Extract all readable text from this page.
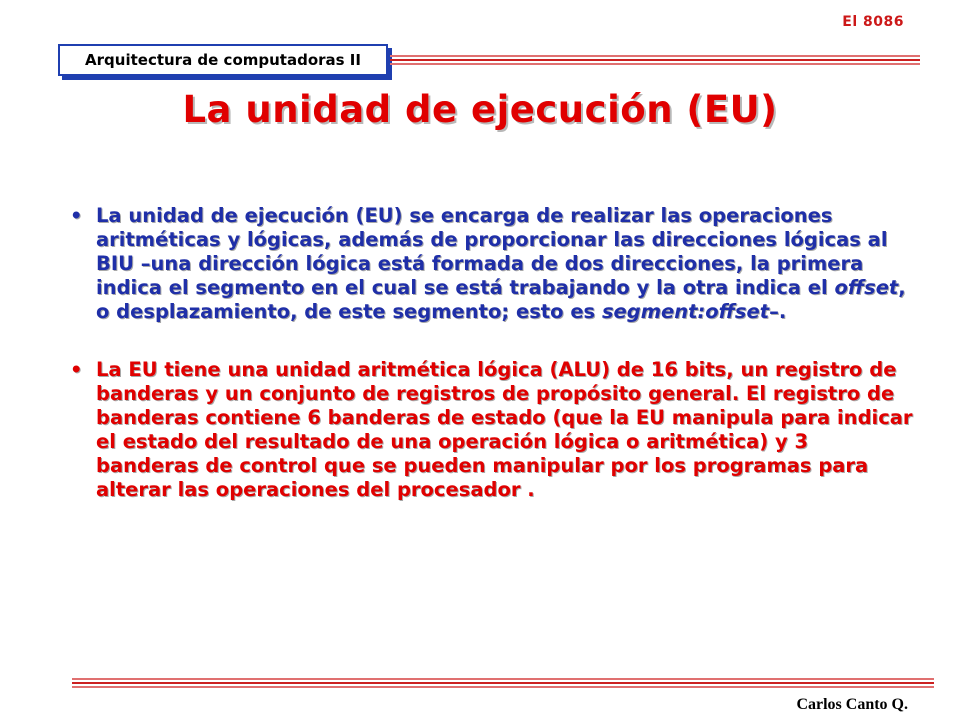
Arquitectura de computadoras II
El 8086
La unidad de ejecución (EU)
• La unidad de ejecución (EU) se encarga de realizar las operaciones aritméticas y lógicas, además de proporcionar las direcciones lógicas al BIU –una dirección lógica está formada de dos direcciones, la primera indica el segmento en el cual se está trabajando y la otra indica el offset, o desplazamiento, de este segmento; esto es segment:offset–.
• La EU tiene una unidad aritmética lógica (ALU) de 16 bits, un registro de banderas y un conjunto de registros de propósito general. El registro de banderas contiene 6 banderas de estado (que la EU manipula para indicar el estado del resultado de una operación lógica o aritmética) y 3 banderas de control que se pueden manipular por los programas para alterar las operaciones del procesador .
Carlos Canto Q.
